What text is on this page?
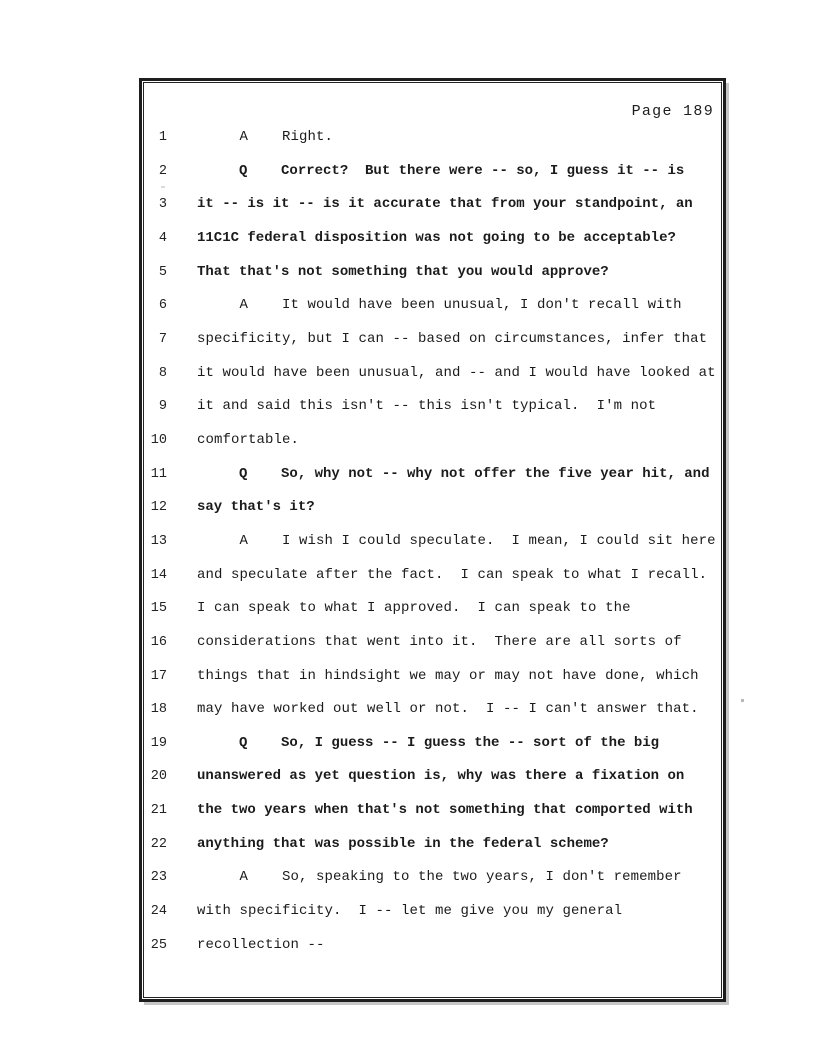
Page 189
1 A    Right.
2 Q    Correct?  But there were -- so, I guess it -- is
3 it -- is it -- is it accurate that from your standpoint, an
4 11C1C federal disposition was not going to be acceptable?
5 That that's not something that you would approve?
6 A    It would have been unusual, I don't recall with
7 specificity, but I can -- based on circumstances, infer that
8 it would have been unusual, and -- and I would have looked at
9 it and said this isn't -- this isn't typical.  I'm not
10 comfortable.
11 Q    So, why not -- why not offer the five year hit, and
12 say that's it?
13 A    I wish I could speculate.  I mean, I could sit here
14 and speculate after the fact.  I can speak to what I recall.
15 I can speak to what I approved.  I can speak to the
16 considerations that went into it.  There are all sorts of
17 things that in hindsight we may or may not have done, which
18 may have worked out well or not.  I -- I can't answer that.
19 Q    So, I guess -- I guess the -- sort of the big
20 unanswered as yet question is, why was there a fixation on
21 the two years when that's not something that comported with
22 anything that was possible in the federal scheme?
23 A    So, speaking to the two years, I don't remember
24 with specificity.  I -- let me give you my general
25 recollection --
